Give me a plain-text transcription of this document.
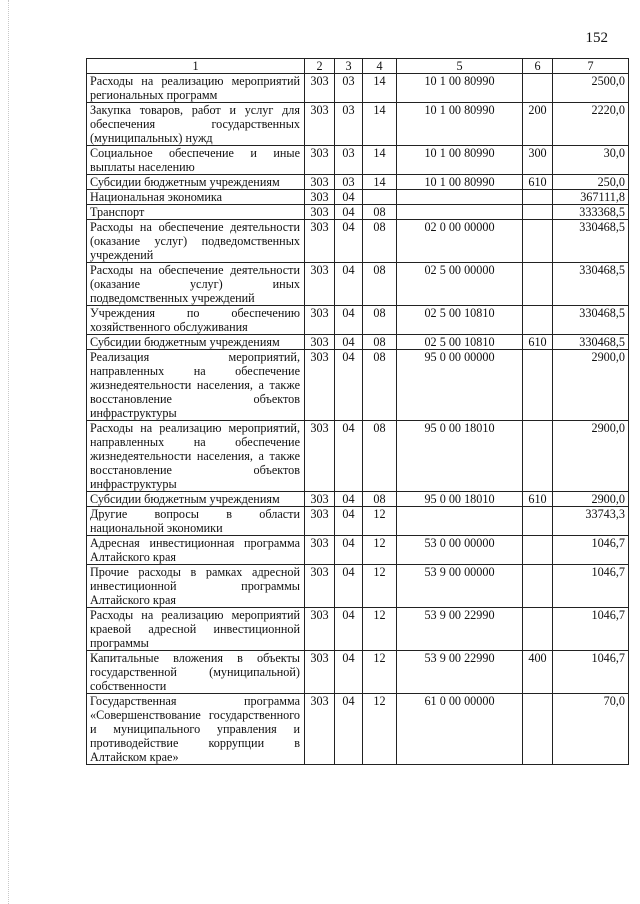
152
1	2	3	4	5	6	7
Расходы на реализацию мероприятий региональных программ	303	03	14	10 1 00 80990		2500,0
Закупка товаров, работ и услуг для обеспечения государственных (муниципальных) нужд	303	03	14	10 1 00 80990	200	2220,0
Социальное обеспечение и иные выплаты населению	303	03	14	10 1 00 80990	300	30,0
Субсидии бюджетным учреждениям	303	03	14	10 1 00 80990	610	250,0
Национальная экономика	303	04				367111,8
Транспорт	303	04	08			333368,5
Расходы на обеспечение деятельности (оказание услуг) подведомственных учреждений	303	04	08	02 0 00 00000		330468,5
Расходы на обеспечение деятельности (оказание услуг) иных подведомственных учреждений	303	04	08	02 5 00 00000		330468,5
Учреждения по обеспечению хозяйственного обслуживания	303	04	08	02 5 00 10810		330468,5
Субсидии бюджетным учреждениям	303	04	08	02 5 00 10810	610	330468,5
Реализация мероприятий, направленных на обеспечение жизнедеятельности населения, а также восстановление объектов инфраструктуры	303	04	08	95 0 00 00000		2900,0
Расходы на реализацию мероприятий, направленных на обеспечение жизнедеятельности населения, а также восстановление объектов инфраструктуры	303	04	08	95 0 00 18010		2900,0
Субсидии бюджетным учреждениям	303	04	08	95 0 00 18010	610	2900,0
Другие вопросы в области национальной экономики	303	04	12			33743,3
Адресная инвестиционная программа Алтайского края	303	04	12	53 0 00 00000		1046,7
Прочие расходы в рамках адресной инвестиционной программы Алтайского края	303	04	12	53 9 00 00000		1046,7
Расходы на реализацию мероприятий краевой адресной инвестиционной программы	303	04	12	53 9 00 22990		1046,7
Капитальные вложения в объекты государственной (муниципальной) собственности	303	04	12	53 9 00 22990	400	1046,7
Государственная программа «Совершенствование государственного и муниципального управления и противодействие коррупции в Алтайском крае»	303	04	12	61 0 00 00000		70,0
